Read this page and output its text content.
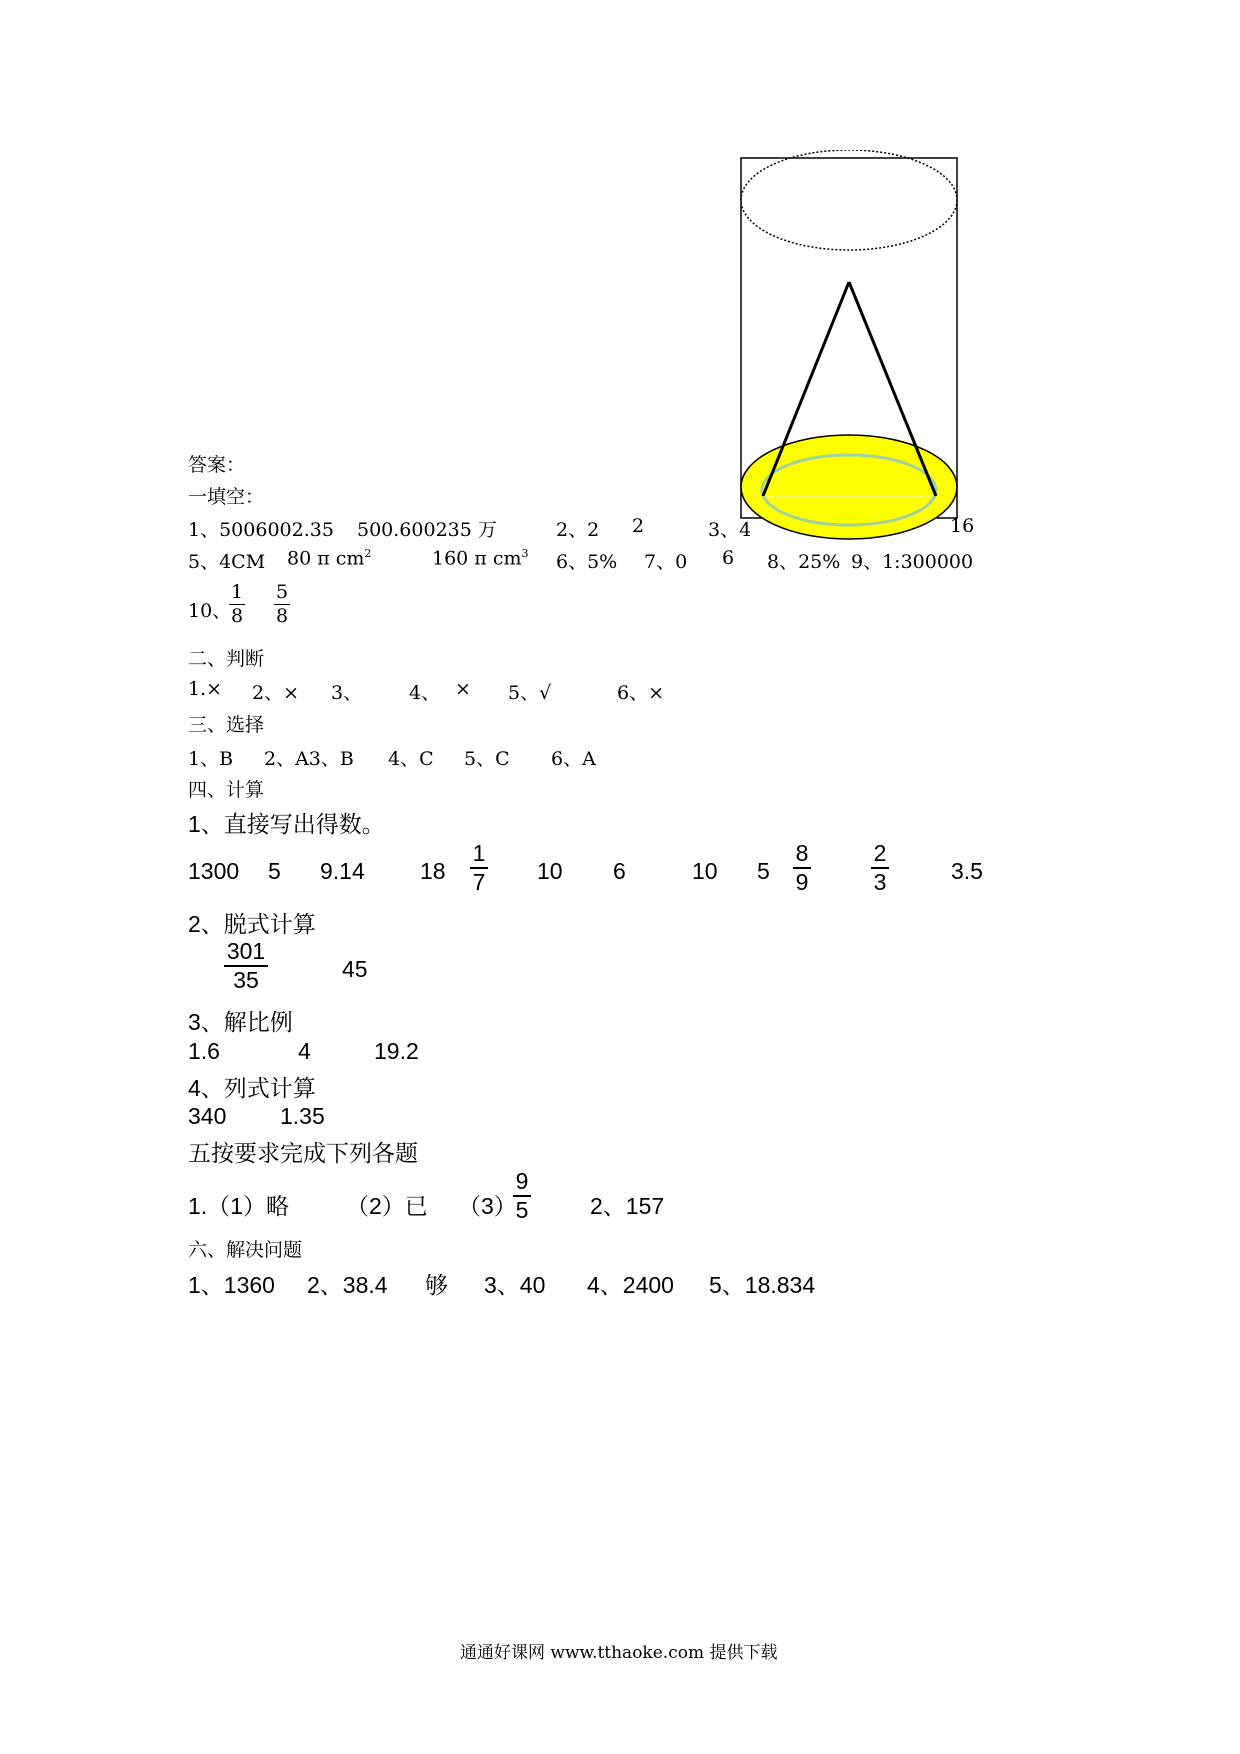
答案：
一填空：
1、5006002.35 500.600235 万	2、2 2	3、4	16
5、4CM 80 π $cm^2$	160 π $cm^3$ 6、5% 7、0 6 8、25% 9、1:300000
10、
1
8
5
8
二、判断
1.× 2、× 3、 4、 × 5、√	6、×
三、选择
1、B 2、A3、B 4、C 5、C 6、A
四、计算
1、直接写出得数。
1300 5 9.14 18
1
7 10 6	10 5
8
9
2
3	3.5
2、脱式计算
301
35	45
3、解比例
1.6	4	19.2
4、列式计算
340 1.35
五按要求完成下列各题
1.（1）略 （2）已 （3）
9
5	2、157
六、解决问题
1、1360 2、38.4 够 3、40 4、2400 5、18.834
通通好课网 www.tthaoke.com 提供下载
